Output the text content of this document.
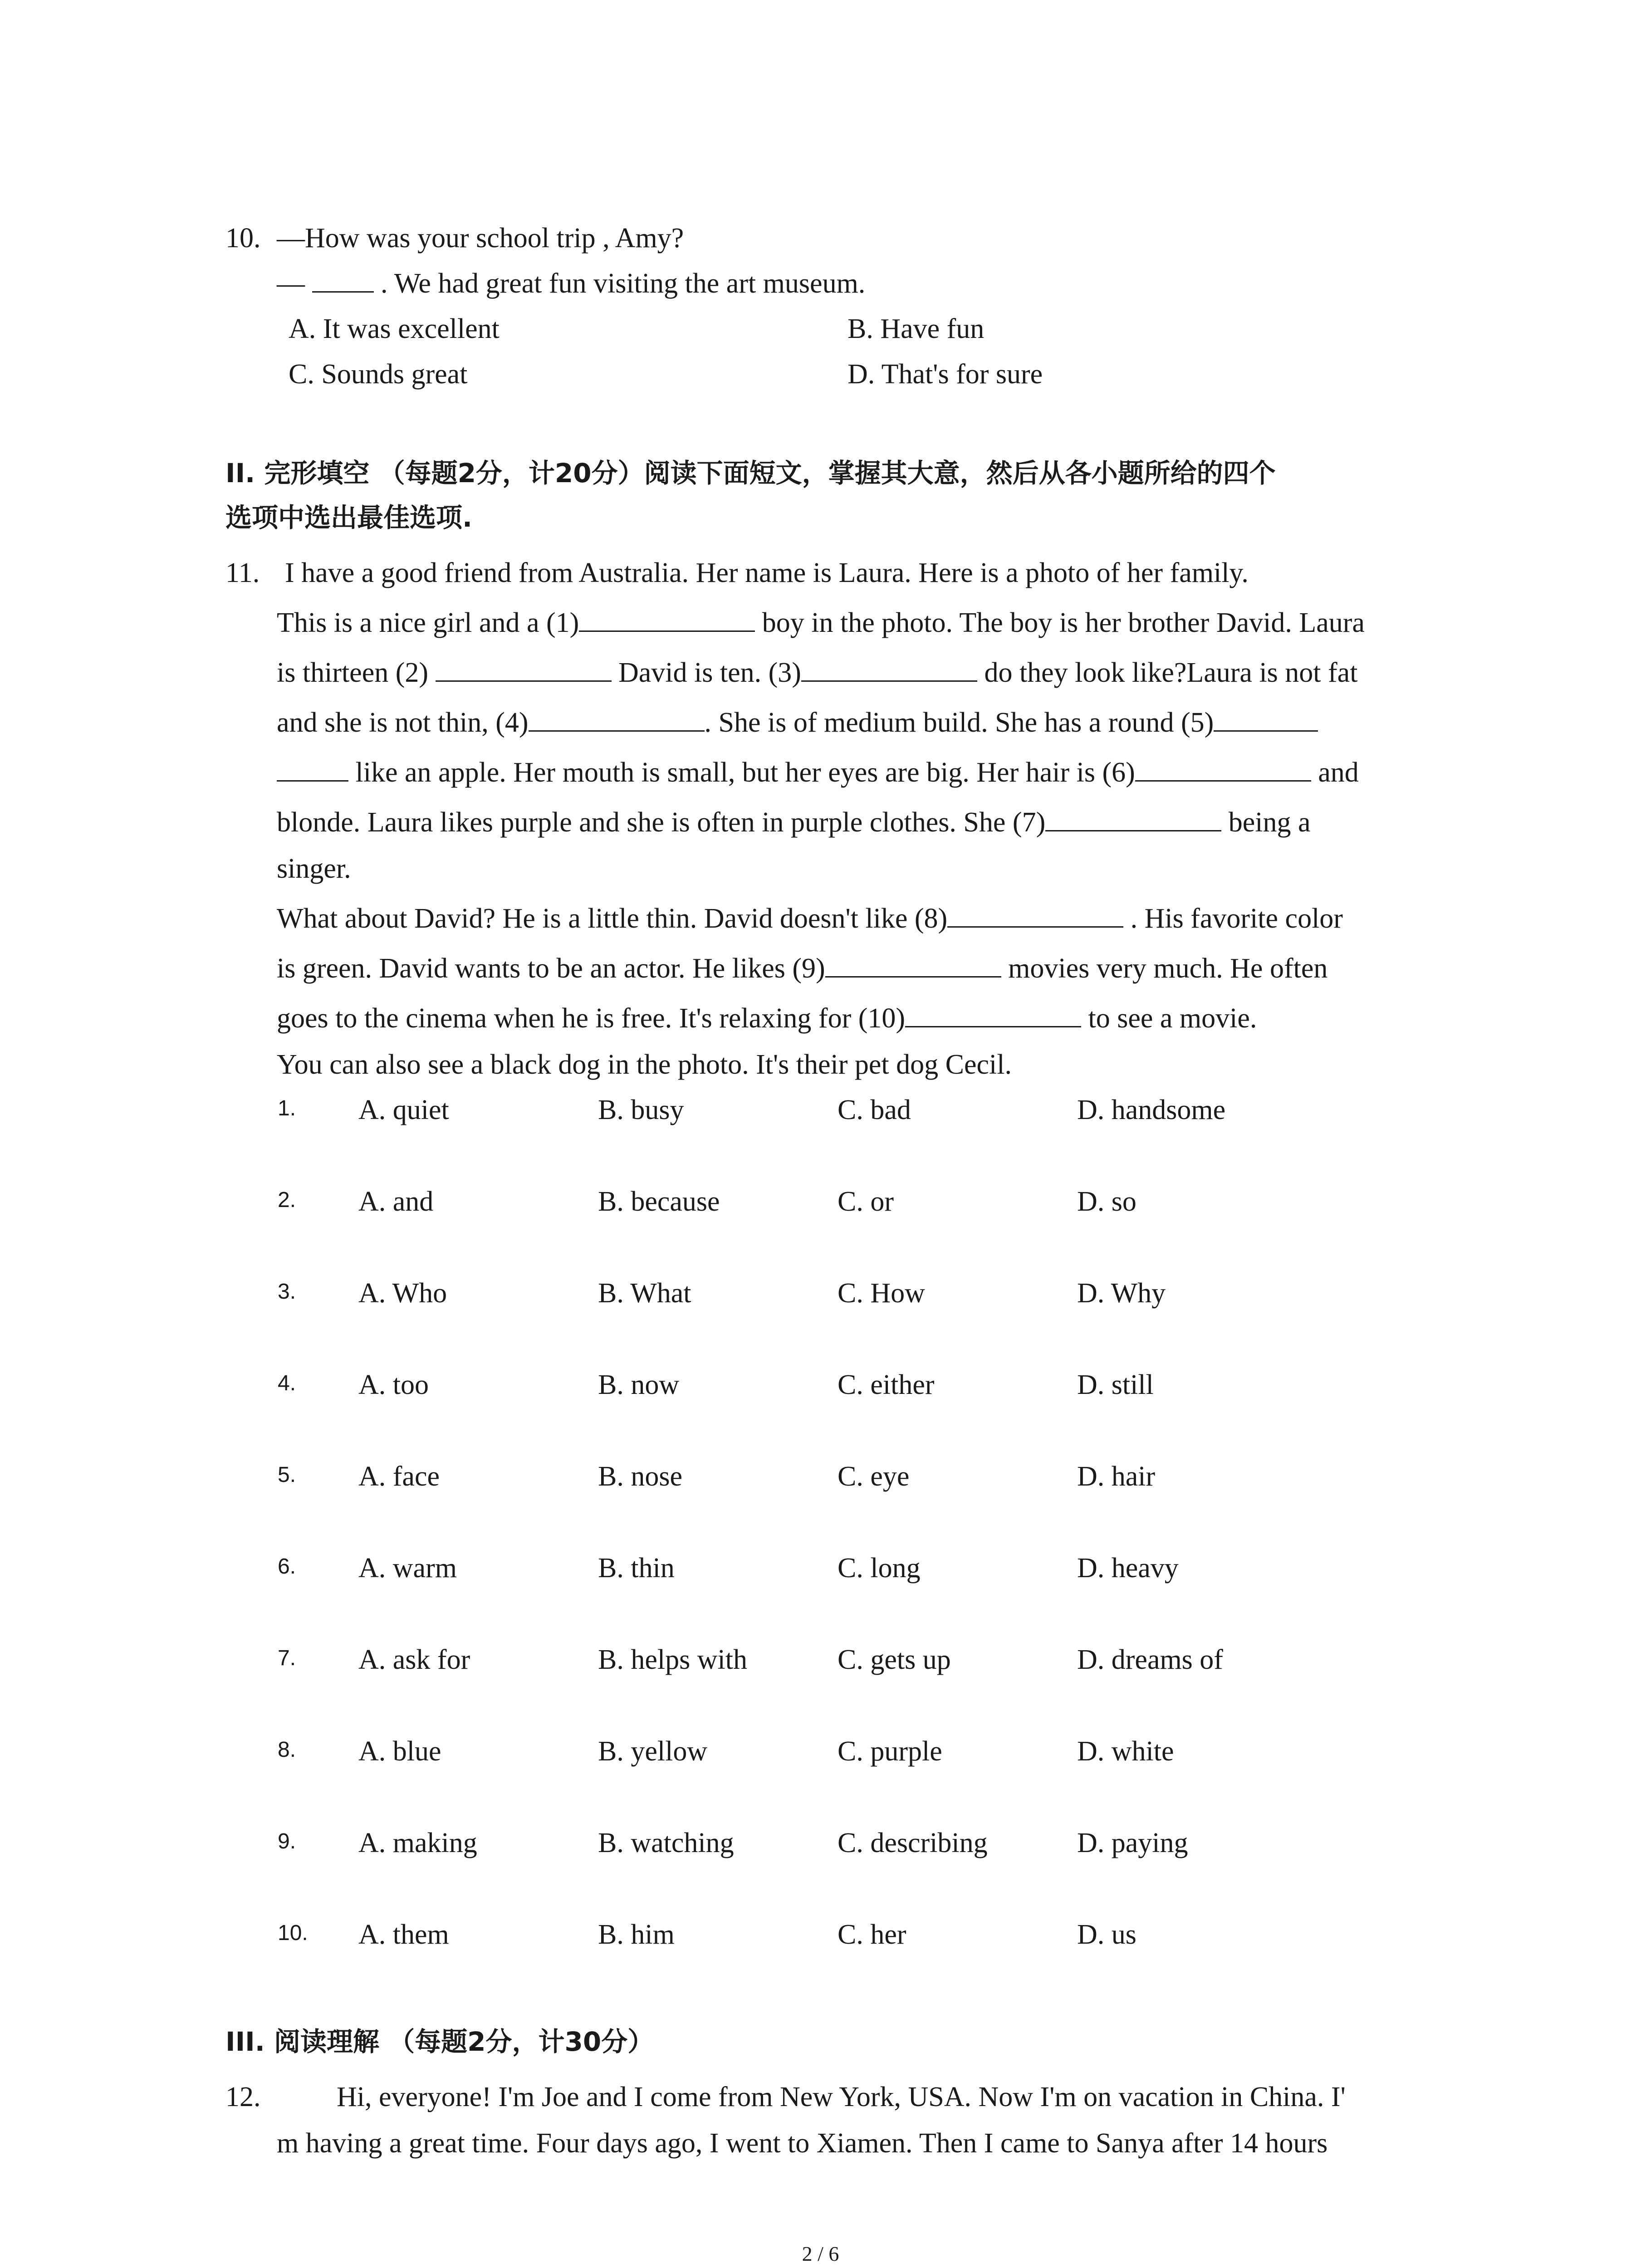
10. —How was your school trip , Amy?
—  . We had great fun visiting the art museum.
A. It was excellent	B. Have fun
C. Sounds great	D. That's for sure
II. 完形填空 （每题2分，计20分）阅读下面短文，掌握其大意，然后从各小题所给的四个
选项中选出最佳选项.
11. I have a good friend from Australia. Her name is Laura. Here is a photo of her family.
This is a nice girl and a (1)	boy in the photo. The boy is her brother David. Laura
is thirteen (2)	David is ten. (3)	do they look like?Laura is not fat
and she is not thin, (4)	. She is of medium build. She has a round (5)
like an apple. Her mouth is small, but her eyes are big. Her hair is (6)	and
blonde. Laura likes purple and she is often in purple clothes. She (7)	being a
singer.
What about David? He is a little thin. David doesn't like (8)	. His favorite color
is green. David wants to be an actor. He likes (9)	movies very much. He often
goes to the cinema when he is free. It's relaxing for (10)	to see a movie.
You can also see a black dog in the photo. It's their pet dog Cecil.
1. A. quiet	B. busy	C. bad	D. handsome
2. A. and	B. because	C. or	D. so
3. A. Who	B. What	C. How	D. Why
4. A. too	B. now	C. either	D. still
5. A. face	B. nose	C. eye	D. hair
6. A. warm	B. thin	C. long	D. heavy
7. A. ask for	B. helps with	C. gets up	D. dreams of
8. A. blue	B. yellow	C. purple	D. white
9. A. making	B. watching	C. describing	D. paying
10. A. them	B. him	C. her	D. us
III. 阅读理解 （每题2分，计30分）
12.	Hi, everyone! I'm Joe and I come from New York, USA. Now I'm on vacation in China. I'
m having a great time. Four days ago, I went to Xiamen. Then I came to Sanya after 14 hours
2 / 6
